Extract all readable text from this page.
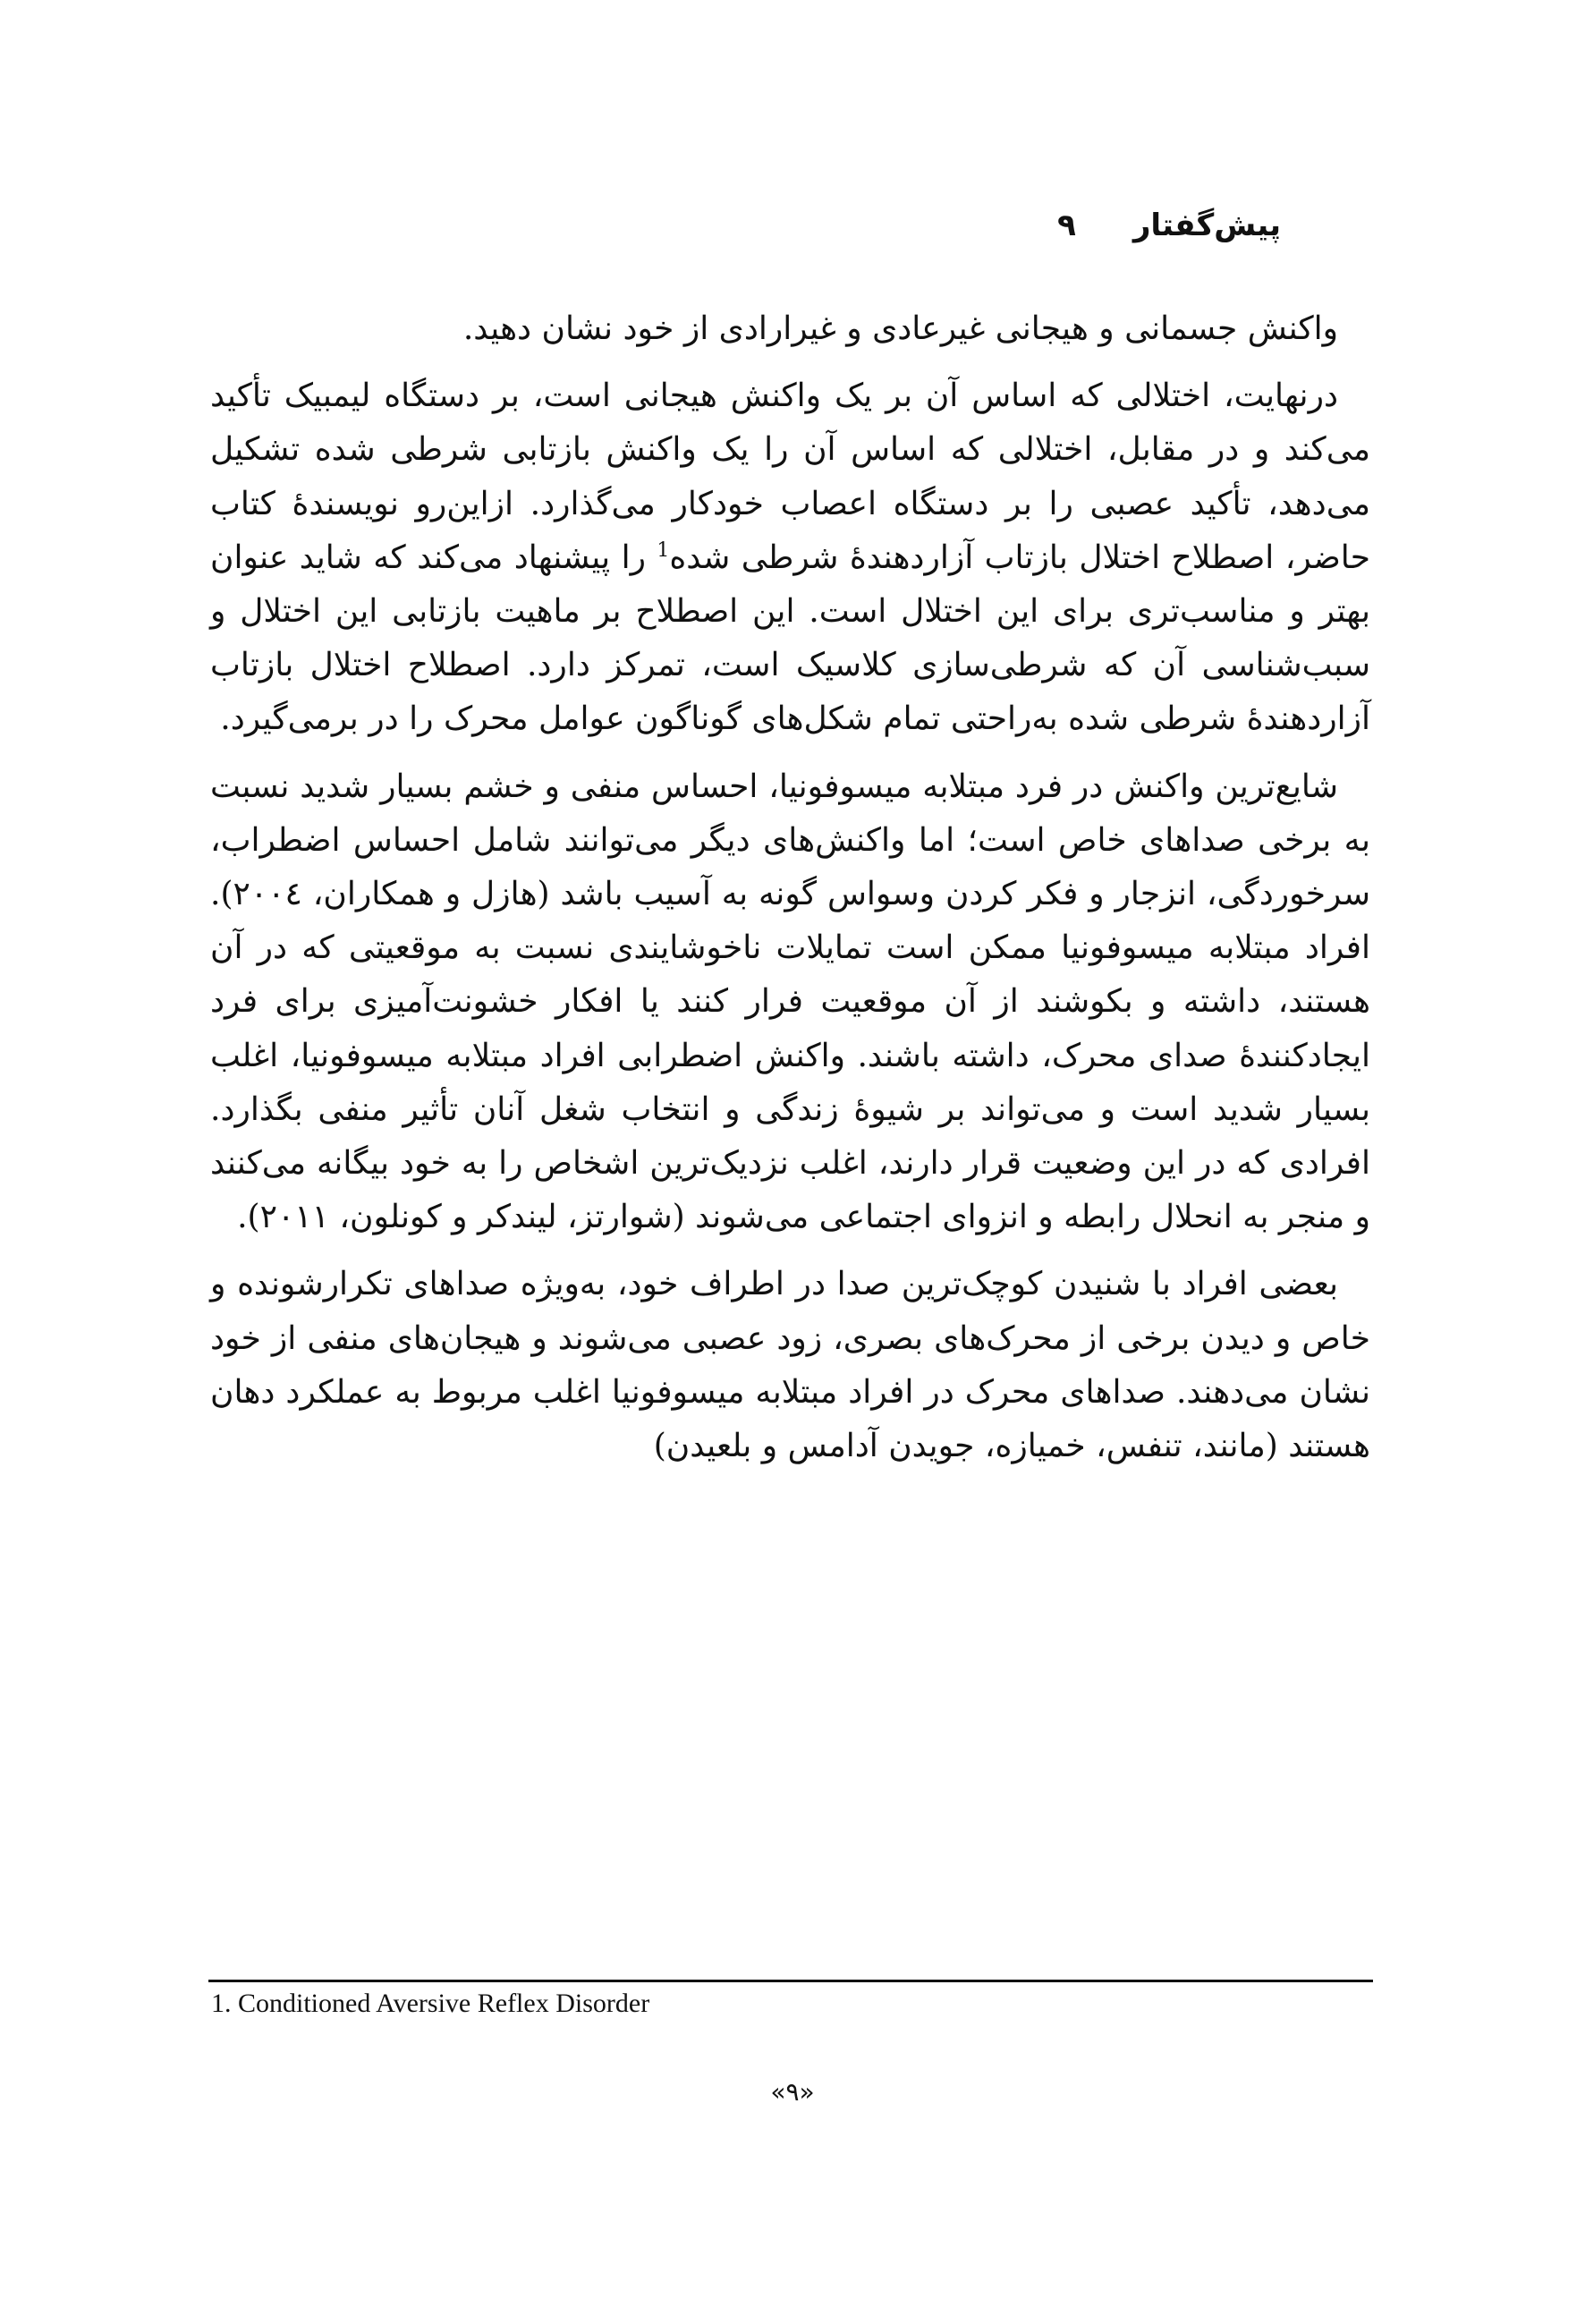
پیش‌گفتار
۹

واکنش جسمانی و هیجانی غیرعادی و غیرارادی از خود نشان دهید.

درنهایت، اختلالی که اساس آن بر یک واکنش هیجانی است، بر دستگاه لیمبیک تأکید می‌کند و در مقابل، اختلالی که اساس آن را یک واکنش بازتابی شرطی شده تشکیل می‌دهد، تأکید عصبی را بر دستگاه اعصاب خودکار می‌گذارد. ازاین‌رو نویسندهٔ کتاب حاضر، اصطلاح اختلال بازتاب آزاردهندهٔ شرطی شده$^1$ را پیشنهاد می‌کند که شاید عنوان بهتر و مناسب‌تری برای این اختلال است. این اصطلاح بر ماهیت بازتابی این اختلال و سبب‌شناسی آن که شرطی‌سازی کلاسیک است، تمرکز دارد. اصطلاح اختلال بازتاب آزاردهندهٔ شرطی شده به‌راحتی تمام شکل‌های گوناگون عوامل محرک را در برمی‌گیرد.

شایع‌ترین واکنش در فرد مبتلابه میسوفونیا، احساس منفی و خشم بسیار شدید نسبت به برخی صداهای خاص است؛ اما واکنش‌های دیگر می‌توانند شامل احساس اضطراب، سرخوردگی، انزجار و فکر کردن وسواس گونه به آسیب باشد (هازل و همکاران، ۲۰۰٤). افراد مبتلابه میسوفونیا ممکن است تمایلات ناخوشایندی نسبت به موقعیتی که در آن هستند، داشته و بکوشند از آن موقعیت فرار کنند یا افکار خشونت‌آمیزی برای فرد ایجادکنندهٔ صدای محرک، داشته باشند. واکنش اضطرابی افراد مبتلابه میسوفونیا، اغلب بسیار شدید است و می‌تواند بر شیوهٔ زندگی و انتخاب شغل آنان تأثیر منفی بگذارد. افرادی که در این وضعیت قرار دارند، اغلب نزدیک‌ترین اشخاص را به خود بیگانه می‌کنند و منجر به انحلال رابطه و انزوای اجتماعی می‌شوند (شوارتز، لیندکر و کونلون، ۲۰۱۱).

بعضی افراد با شنیدن کوچک‌ترین صدا در اطراف خود، به‌ویژه صداهای تکرارشونده و خاص و دیدن برخی از محرک‌های بصری، زود عصبی می‌شوند و هیجان‌های منفی از خود نشان می‌دهند. صداهای محرک در افراد مبتلابه میسوفونیا اغلب مربوط به عملکرد دهان هستند (مانند، تنفس، خمیازه، جویدن آدامس و بلعیدن)

1. Conditioned Aversive Reflex Disorder
«۹»
